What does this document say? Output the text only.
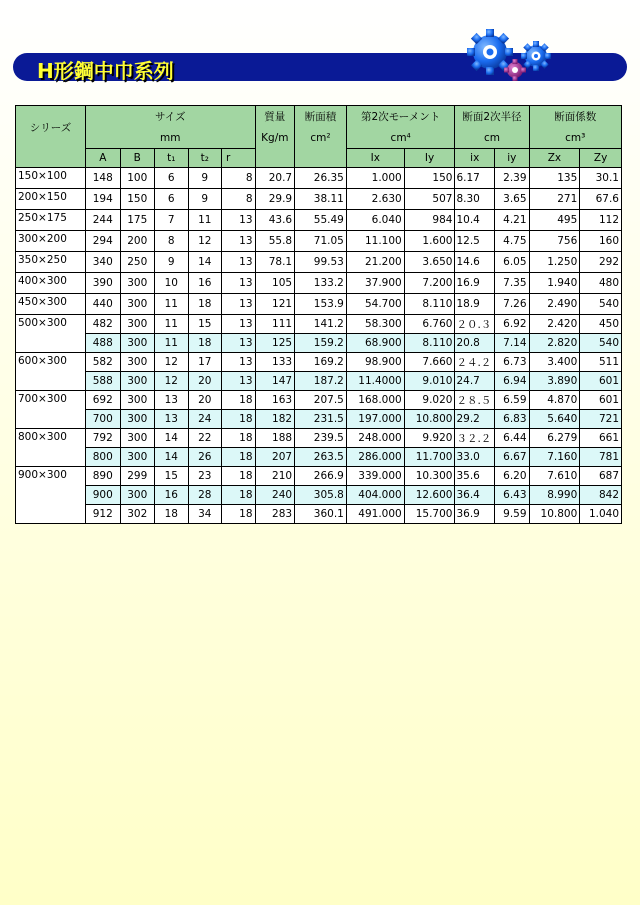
H形鋼中巾系列
シリーズ	サイズ					質量	断面積	第2次モーメント		断面2次半径		断面係数	
	mm					Kg/m	cm²	cm⁴		cm		cm³	
	A	B	t₁	t₂	r			Ix	Iy	ix	iy	Zx	Zy
150×100	148	100	6	9	8	20.7	26.35	1.000	150	6.17	2.39	135	30.1
200×150	194	150	6	9	8	29.9	38.11	2.630	507	8.30	3.65	271	67.6
250×175	244	175	7	11	13	43.6	55.49	6.040	984	10.4	4.21	495	112
300×200	294	200	8	12	13	55.8	71.05	11.100	1.600	12.5	4.75	756	160
350×250	340	250	9	14	13	78.1	99.53	21.200	3.650	14.6	6.05	1.250	292
400×300	390	300	10	16	13	105	133.2	37.900	7.200	16.9	7.35	1.940	480
450×300	440	300	11	18	13	121	153.9	54.700	8.110	18.9	7.26	2.490	540
500×300	482	300	11	15	13	111	141.2	58.300	6.760	２０.３	6.92	2.420	450
	488	300	11	18	13	125	159.2	68.900	8.110	20.8	7.14	2.820	540
600×300	582	300	12	17	13	133	169.2	98.900	7.660	２４.２	6.73	3.400	511
	588	300	12	20	13	147	187.2	11.4000	9.010	24.7	6.94	3.890	601
700×300	692	300	13	20	18	163	207.5	168.000	9.020	２８.５	6.59	4.870	601
	700	300	13	24	18	182	231.5	197.000	10.800	29.2	6.83	5.640	721
800×300	792	300	14	22	18	188	239.5	248.000	9.920	３２.２	6.44	6.279	661
	800	300	14	26	18	207	263.5	286.000	11.700	33.0	6.67	7.160	781
900×300	890	299	15	23	18	210	266.9	339.000	10.300	35.6	6.20	7.610	687
	900	300	16	28	18	240	305.8	404.000	12.600	36.4	6.43	8.990	842
	912	302	18	34	18	283	360.1	491.000	15.700	36.9	9.59	10.800	1.040
